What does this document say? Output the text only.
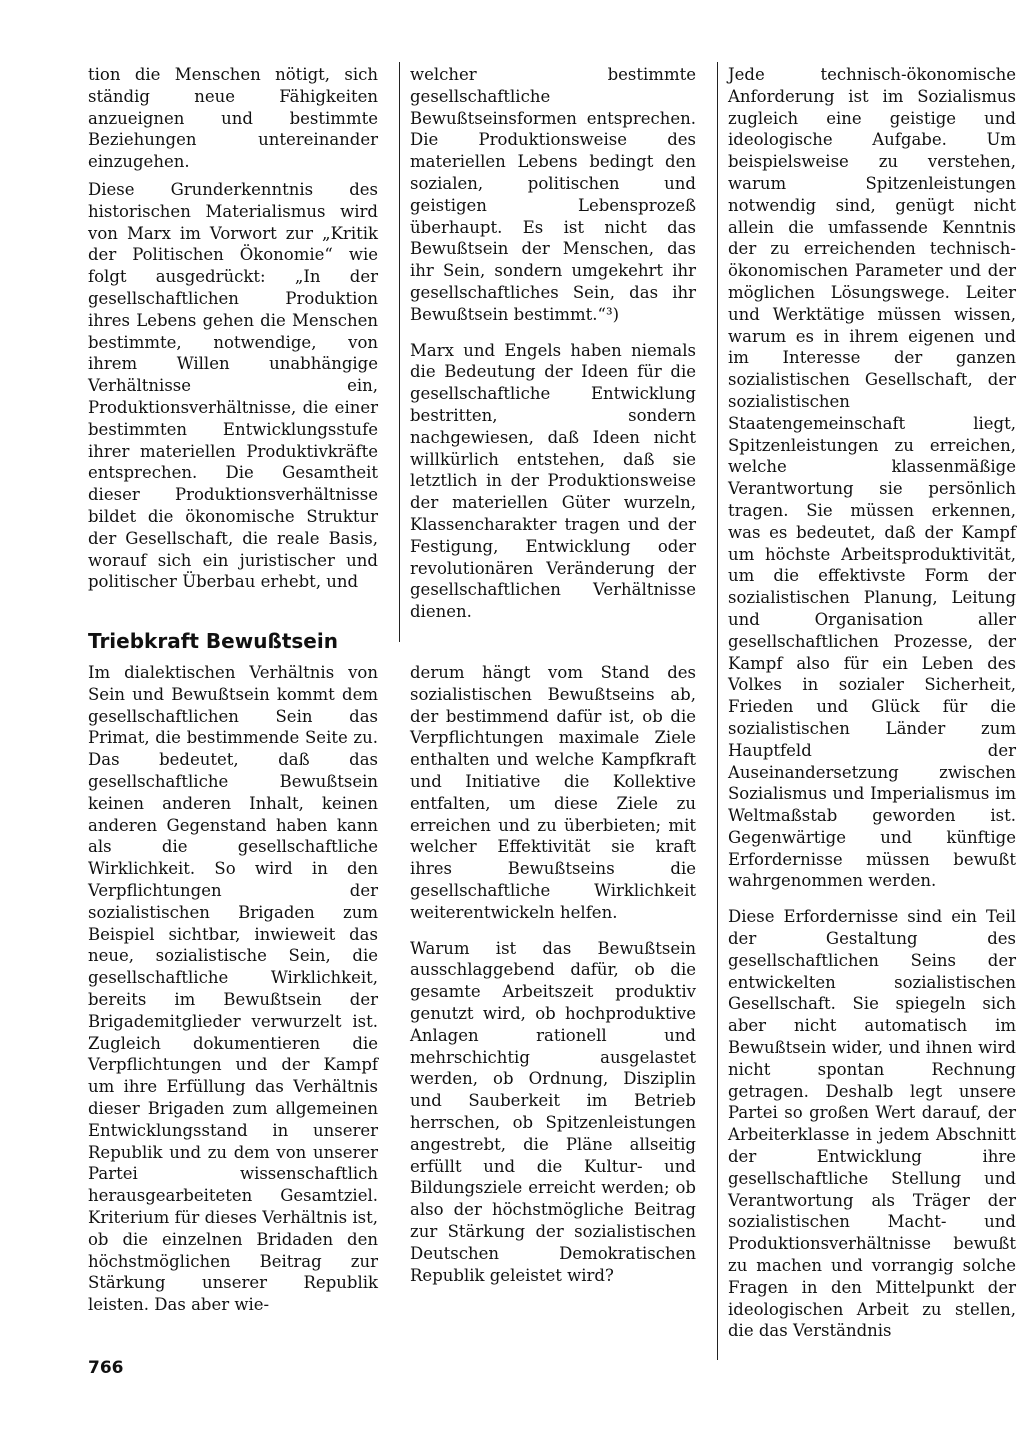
tion die Menschen nötigt, sich ständig neue Fähigkeiten anzueignen und bestimmte Beziehungen untereinander einzugehen.

Diese Grunderkenntnis des historischen Materialismus wird von Marx im Vorwort zur „Kritik der Politischen Ökonomie“ wie folgt ausgedrückt: „In der gesellschaftlichen Produktion ihres Lebens gehen die Menschen bestimmte, notwendige, von ihrem Willen unabhängige Verhältnisse ein, Produktionsverhältnisse, die einer bestimmten Entwicklungsstufe ihrer materiellen Produktivkräfte entsprechen. Die Gesamtheit dieser Produktionsverhältnisse bildet die ökonomische Struktur der Gesellschaft, die reale Basis, worauf sich ein juristischer und politischer Überbau erhebt, und

Triebkraft Bewußtsein

Im dialektischen Verhältnis von Sein und Bewußtsein kommt dem gesellschaftlichen Sein das Primat, die bestimmende Seite zu. Das bedeutet, daß das gesellschaftliche Bewußtsein keinen anderen Inhalt, keinen anderen Gegenstand haben kann als die gesellschaftliche Wirklichkeit. So wird in den Verpflichtungen der sozialistischen Brigaden zum Beispiel sichtbar, inwieweit das neue, sozialistische Sein, die gesellschaftliche Wirklichkeit, bereits im Bewußtsein der Brigademitglieder verwurzelt ist. Zugleich dokumentieren die Verpflichtungen und der Kampf um ihre Erfüllung das Verhältnis dieser Brigaden zum allgemeinen Entwicklungsstand in unserer Republik und zu dem von unserer Partei wissenschaftlich herausgearbeiteten Gesamtziel. Kriterium für dieses Verhältnis ist, ob die einzelnen Bridaden den höchstmöglichen Beitrag zur Stärkung unserer Republik leisten. Das aber wie-

welcher bestimmte gesellschaftliche Bewußtseinsformen entsprechen. Die Produktionsweise des materiellen Lebens bedingt den sozialen, politischen und geistigen Lebensprozeß überhaupt. Es ist nicht das Bewußtsein der Menschen, das ihr Sein, sondern umgekehrt ihr gesellschaftliches Sein, das ihr Bewußtsein bestimmt.“³)

Marx und Engels haben niemals die Bedeutung der Ideen für die gesellschaftliche Entwicklung bestritten, sondern nachgewiesen, daß Ideen nicht willkürlich entstehen, daß sie letztlich in der Produktionsweise der materiellen Güter wurzeln, Klassencharakter tragen und der Festigung, Entwicklung oder revolutionären Veränderung der gesellschaftlichen Verhältnisse dienen.

derum hängt vom Stand des sozialistischen Bewußtseins ab, der bestimmend dafür ist, ob die Verpflichtungen maximale Ziele enthalten und welche Kampfkraft und Initiative die Kollektive entfalten, um diese Ziele zu erreichen und zu überbieten; mit welcher Effektivität sie kraft ihres Bewußtseins die gesellschaftliche Wirklichkeit weiterentwickeln helfen.

Warum ist das Bewußtsein ausschlaggebend dafür, ob die gesamte Arbeitszeit produktiv genutzt wird, ob hochproduktive Anlagen rationell und mehrschichtig ausgelastet werden, ob Ordnung, Disziplin und Sauberkeit im Betrieb herrschen, ob Spitzenleistungen angestrebt, die Pläne allseitig erfüllt und die Kultur- und Bildungsziele erreicht werden; ob also der höchstmögliche Beitrag zur Stärkung der sozialistischen Deutschen Demokratischen Republik geleistet wird?

Jede technisch-ökonomische Anforderung ist im Sozialismus zugleich eine geistige und ideologische Aufgabe. Um beispielsweise zu verstehen, warum Spitzenleistungen notwendig sind, genügt nicht allein die umfassende Kenntnis der zu erreichenden technisch-ökonomischen Parameter und der möglichen Lösungswege. Leiter und Werktätige müssen wissen, warum es in ihrem eigenen und im Interesse der ganzen sozialistischen Gesellschaft, der sozialistischen Staatengemeinschaft liegt, Spitzenleistungen zu erreichen, welche klassenmäßige Verantwortung sie persönlich tragen. Sie müssen erkennen, was es bedeutet, daß der Kampf um höchste Arbeitsproduktivität, um die effektivste Form der sozialistischen Planung, Leitung und Organisation aller gesellschaftlichen Prozesse, der Kampf also für ein Leben des Volkes in sozialer Sicherheit, Frieden und Glück für die sozialistischen Länder zum Hauptfeld der Auseinandersetzung zwischen Sozialismus und Imperialismus im Weltmaßstab geworden ist. Gegenwärtige und künftige Erfordernisse müssen bewußt wahrgenommen werden.

Diese Erfordernisse sind ein Teil der Gestaltung des gesellschaftlichen Seins der entwickelten sozialistischen Gesellschaft. Sie spiegeln sich aber nicht automatisch im Bewußtsein wider, und ihnen wird nicht spontan Rechnung getragen. Deshalb legt unsere Partei so großen Wert darauf, der Arbeiterklasse in jedem Abschnitt der Entwicklung ihre gesellschaftliche Stellung und Verantwortung als Träger der sozialistischen Macht- und Produktionsverhältnisse bewußt zu machen und vorrangig solche Fragen in den Mittelpunkt der ideologischen Arbeit zu stellen, die das Verständnis

766
